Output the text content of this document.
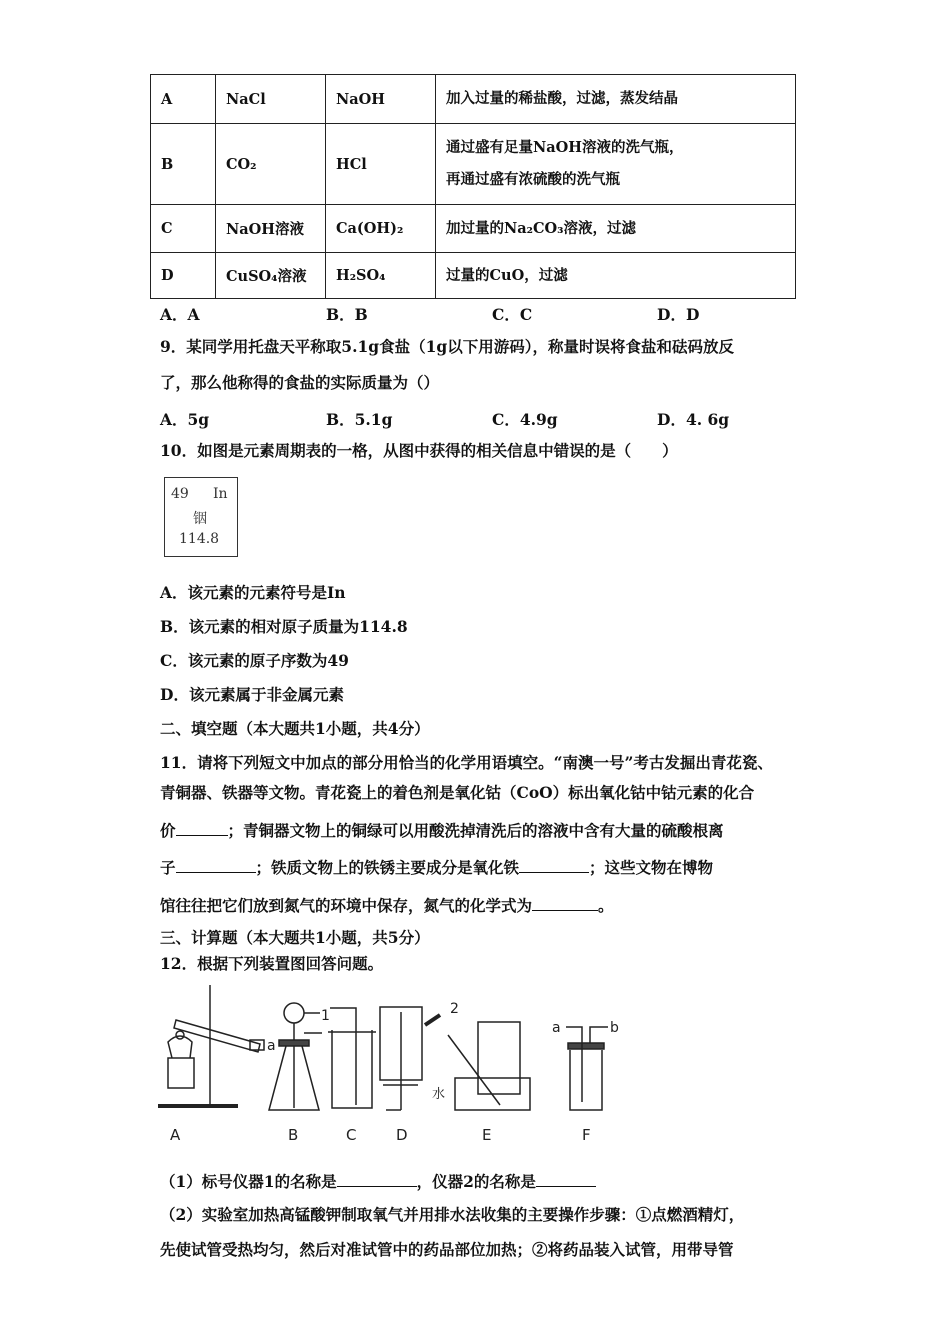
A	NaCl	NaOH	加入过量的稀盐酸，过滤，蒸发结晶

B	CO₂	HCl	通过盛有足量NaOH溶液的洗气瓶，
再通过盛有浓硫酸的洗气瓶

C	NaOH溶液	Ca(OH)₂	加过量的Na₂CO₃溶液，过滤

D	CuSO₄溶液	H₂SO₄	过量的CuO，过滤
A．A	B．B	C．C	D．D
9．某同学用托盘天平称取5.1g食盐（1g以下用游码），称量时误将食盐和砝码放反
了，那么他称得的食盐的实际质量为（）
A．5g	B．5.1g	C．4.9g	D．4. 6g
10．如图是元素周期表的一格，从图中获得的相关信息中错误的是（　　）
49 In
铟
114.8
A．该元素的元素符号是In
B．该元素的相对原子质量为114.8
C．该元素的原子序数为49
D．该元素属于非金属元素
二、填空题（本大题共1小题，共4分）
11．请将下列短文中加点的部分用恰当的化学用语填空。“南澳一号”考古发掘出青花瓷、
青铜器、铁器等文物。青花瓷上的着色剂是氧化钴（CoO）标出氧化钴中钴元素的化合
价	；青铜器文物上的铜绿可以用酸洗掉清洗后的溶液中含有大量的硫酸根离
子	；铁质文物上的铁锈主要成分是氧化铁	；这些文物在博物
馆往往把它们放到氮气的环境中保存，氮气的化学式为	。
三、计算题（本大题共1小题，共5分）
12．根据下列装置图回答问题。
a
1	2
水
a	b
A	B	C	D	E	F
（1）标号仪器1的名称是	，仪器2的名称是
（2）实验室加热高锰酸钾制取氧气并用排水法收集的主要操作步骤：①点燃酒精灯，
先使试管受热均匀，然后对准试管中的药品部位加热；②将药品装入试管，用带导管
